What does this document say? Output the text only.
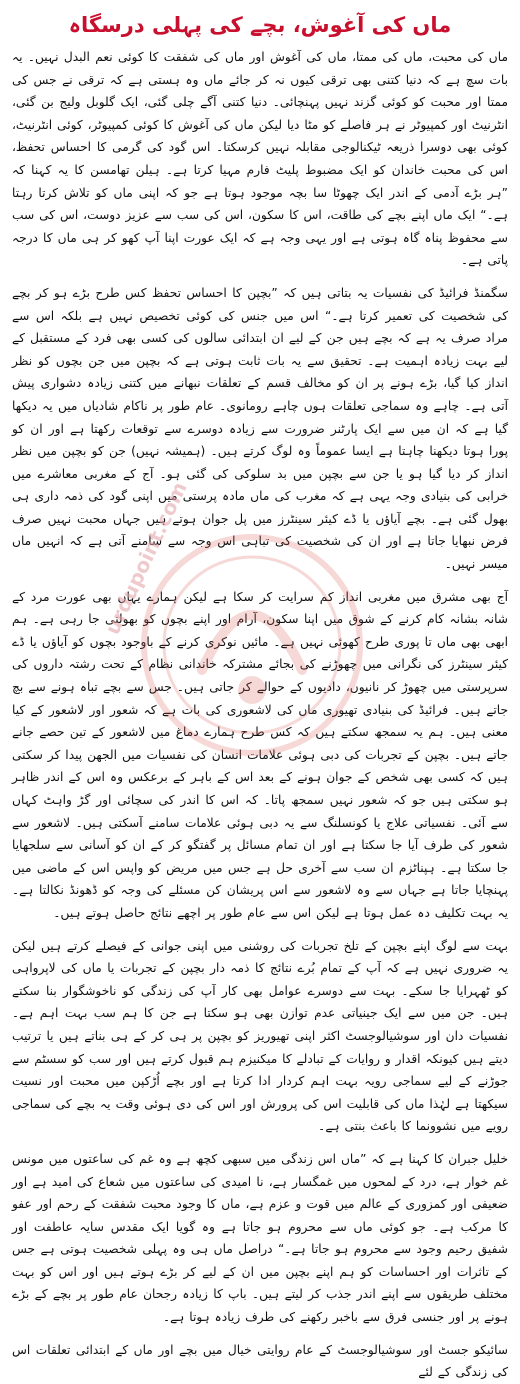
ماں کی آغوش، بچے کی پہلی درسگاہ

ماں کی محبت، ماں کی ممتا، ماں کی آغوش اور ماں کی شفقت کا کوئی نعم البدل نہیں۔ یہ بات سچ ہے کہ دنیا کتنی بھی ترقی کیوں نہ کر جائے ماں وہ ہستی ہے کہ ترقی نے جس کی ممتا اور محبت کو کوئی گزند نہیں پہنچائی۔ دنیا کتنی آگے چلی گئی، ایک گلوبل ولیج بن گئی، انٹرنیٹ اور کمپیوٹر نے ہر فاصلے کو مٹا دیا لیکن ماں کی آغوش کا کوئی کمپیوٹر، کوئی انٹرنیٹ، کوئی بھی دوسرا ذریعہ ٹیکنالوجی مقابلہ نہیں کرسکتا۔ اس گود کی گرمی کا احساس تحفظ، اس کی محبت خاندان کو ایک مضبوط پلیٹ فارم مہیا کرتا ہے۔ ہیلن تھامسن کا یہ کہنا کہ ”ہر بڑے آدمی کے اندر ایک چھوٹا سا بچہ موجود ہوتا ہے جو کہ اپنی ماں کو تلاش کرتا رہتا ہے۔“ ایک ماں اپنے بچے کی طاقت، اس کا سکون، اس کی سب سے عزیز دوست، اس کی سب سے محفوظ پناہ گاہ ہوتی ہے اور یہی وجہ ہے کہ ایک عورت اپنا آپ کھو کر ہی ماں کا درجہ پاتی ہے۔

سگمنڈ فرائیڈ کی نفسیات یہ بتاتی ہیں کہ ”بچپن کا احساس تحفظ کس طرح بڑے ہو کر بچے کی شخصیت کی تعمیر کرتا ہے۔“ اس میں جنس کی کوئی تخصیص نہیں ہے بلکہ اس سے مراد صرف یہ ہے کہ بچے ہیں جن کے لیے ان ابتدائی سالوں کی کسی بھی فرد کے مستقبل کے لیے بہت زیادہ اہمیت ہے۔ تحقیق سے یہ بات ثابت ہوتی ہے کہ بچپن میں جن بچوں کو نظر انداز کیا گیا، بڑے ہونے پر ان کو مخالف قسم کے تعلقات نبھانے میں کتنی زیادہ دشواری پیش آتی ہے۔ چاہے وہ سماجی تعلقات ہوں چاہے رومانوی۔ عام طور پر ناکام شادیاں میں یہ دیکھا گیا ہے کہ ان میں سے ایک پارٹنر ضرورت سے زیادہ دوسرے سے توقعات رکھتا ہے اور ان کو پورا ہوتا دیکھنا چاہتا ہے ایسا عموماً وہ لوگ کرتے ہیں۔ (ہمیشہ نہیں) جن کو بچپن میں نظر انداز کر دیا گیا ہو یا جن سے بچپن میں بد سلوکی کی گئی ہو۔ آج کے مغربی معاشرے میں خرابی کی بنیادی وجہ یہی ہے کہ مغرب کی ماں مادہ پرستی میں اپنی گود کی ذمہ داری ہی بھول گئی ہے۔ بچے آیاؤں یا ڈے کیئر سینٹرز میں پل جوان ہوتے ہیں جہاں محبت نہیں صرف فرض نبھایا جاتا ہے اور ان کی شخصیت کی تباہی اس وجہ سے سامنے آتی ہے کہ انہیں ماں میسر نہیں۔

آج بھی مشرق میں مغربی انداز کم سرایت کر سکا ہے لیکن ہمارے یہاں بھی عورت مرد کے شانہ بشانہ کام کرنے کے شوق میں اپنا سکون، آرام اور اپنے بچوں کو بھولتی جا رہی ہے۔ ہم ابھی بھی ماں تا پوری طرح کھوئی نہیں ہے۔ مائیں نوکری کرنے کے باوجود بچوں کو آیاؤں یا ڈے کیئر سینٹرز کی نگرانی میں چھوڑنے کی بجائے مشترکہ خاندانی نظام کے تحت رشتہ داروں کی سرپرستی میں چھوڑ کر نانیوں، دادیوں کے حوالے کر جاتی ہیں۔ جس سے بچے تباہ ہونے سے بچ جاتے ہیں۔ فرائیڈ کی بنیادی تھیوری ماں کی لاشعوری کی بات ہے کہ شعور اور لاشعور کے کیا معنی ہیں۔ ہم یہ سمجھ سکتے ہیں کہ کس طرح ہمارے دماغ میں لاشعور کے تین حصے جانے جاتے ہیں۔ بچپن کے تجربات کی دبی ہوئی علامات انسان کی نفسیات میں الجھن پیدا کر سکتی ہیں کہ کسی بھی شخص کے جوان ہونے کے بعد اس کے باہر کے برعکس وہ اس کے اندر ظاہر ہو سکتی ہیں جو کہ شعور نہیں سمجھ پاتا۔ کہ اس کا اندر کی سچائی اور گڑ واہٹ کہاں سے آئی۔ نفسیاتی علاج یا کونسلنگ سے یہ دبی ہوئی علامات سامنے آسکتی ہیں۔ لاشعور سے شعور کی طرف آیا جا سکتا ہے اور ان تمام مسائل پر گفتگو کر کے ان کو آسانی سے سلجھایا جا سکتا ہے۔ ہپناٹزم ان سب سے آخری حل ہے جس میں مریض کو واپس اس کے ماضی میں پہنچایا جاتا ہے جہاں سے وہ لاشعور سے اس پریشان کن مسئلے کی وجہ کو ڈھونڈ نکالتا ہے۔ یہ بہت تکلیف دہ عمل ہوتا ہے لیکن اس سے عام طور پر اچھے نتائج حاصل ہوتے ہیں۔

بہت سے لوگ اپنے بچپن کے تلخ تجربات کی روشنی میں اپنی جوانی کے فیصلے کرتے ہیں لیکن یہ ضروری نہیں ہے کہ آپ کے تمام بُرے نتائج کا ذمہ دار بچپن کے تجربات یا ماں کی لاپرواہی کو ٹھہرایا جا سکے۔ بہت سے دوسرے عوامل بھی کار آپ کی زندگی کو ناخوشگوار بنا سکتے ہیں۔ جن میں سے ایک جینیاتی عدم توازن بھی ہو سکتا ہے جن کا ہم سب بہت اہم ہے۔ نفسیات دان اور سوشیالوجسٹ اکثر اپنی تھیوریز کو بچپن پر ہی کر کے ہی بناتے ہیں یا ترتیب دیتے ہیں کیونکہ اقدار و روایات کے تبادلے کا میکنیزم ہم قبول کرتے ہیں اور سب کو سسٹم سے جوڑنے کے لیے سماجی رویہ بہت اہم کردار ادا کرتا ہے اور بچے اُڑکپن میں محبت اور نسیت سیکھتا ہے لہٰذا ماں کی قابلیت اس کی پرورش اور اس کی دی ہوئی وقت یہ بچے کی سماجی رویے میں نشوونما کا باعث بنتی ہے۔

خلیل جبران کا کہنا ہے کہ ”ماں اس زندگی میں سبھی کچھ ہے وہ غم کی ساعتوں میں مونس غم خوار ہے، درد کے لمحوں میں غمگسار ہے، نا امیدی کی ساعتوں میں شعاع کی امید ہے اور ضعیفی اور کمزوری کے عالم میں قوت و عزم ہے، ماں کا وجود محبت شفقت کے رحم اور عفو کا مرکب ہے۔ جو کوئی ماں سے محروم ہو جاتا ہے وہ گویا ایک مقدس سایہ عاطفت اور شفیق رحیم وجود سے محروم ہو جاتا ہے۔“ دراصل ماں ہی وہ پہلی شخصیت ہوتی ہے جس کے تاثرات اور احساسات کو ہم اپنے بچپن میں ان کے لیے کر بڑے ہوتے ہیں اور اس کو بہت مختلف طریقوں سے اپنے اندر جذب کر لیتے ہیں۔ باپ کا زیادہ رجحان عام طور پر بچے کے بڑے ہونے پر اور جنسی فرق سے باخبر رکھنے کی طرف زیادہ ہوتا ہے۔

سائیکو جسٹ اور سوشیالوجسٹ کے عام روایتی خیال میں بچے اور ماں کے ابتدائی تعلقات اس کی زندگی کے لئے

urdupoint.com
